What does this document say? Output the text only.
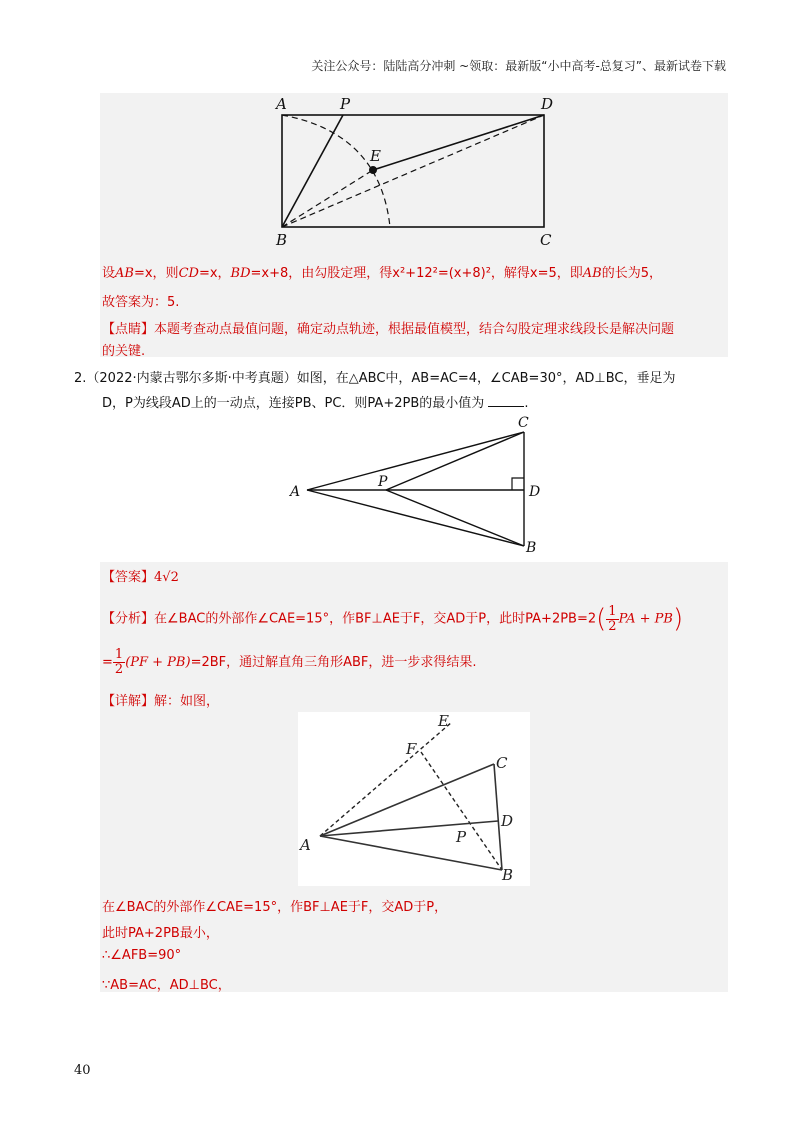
关注公众号：陆陆高分冲刺 ~领取：最新版“小中高考-总复习”、最新试卷下载
A	P	D
E
B	C
设AB=x，则CD=x，BD=x+8，由勾股定理，得x²+12²=(x+8)²，解得x=5，即AB的长为5，
故答案为：5.
【点睛】本题考查动点最值问题，确定动点轨迹，根据最值模型，结合勾股定理求线段长是解决问题
的关键.
2.（2022·内蒙古鄂尔多斯·中考真题）如图，在△ABC中，AB=AC=4，∠CAB=30°，AD⊥BC，垂足为
D，P为线段AD上的一动点，连接PB、PC．则PA+2PB的最小值为	.
A
P
C
D
B
【答案】4√2
【分析】在∠BAC的外部作∠CAE=15°，作BF⊥AE于F，交AD于P，此时$PA+2PB=2( \frac{1}{2}$ PA + PB)
= $\frac{1}{2} (PF + PB)=2BF$，通过解直角三角形ABF，进一步求得结果.
【详解】解：如图，
E
F
C
D
P
A
B
在∠BAC的外部作∠CAE=15°，作BF⊥AE于F，交AD于P，
此时PA+2PB最小，
∴∠AFB=90°
∵AB=AC，AD⊥BC，
40
